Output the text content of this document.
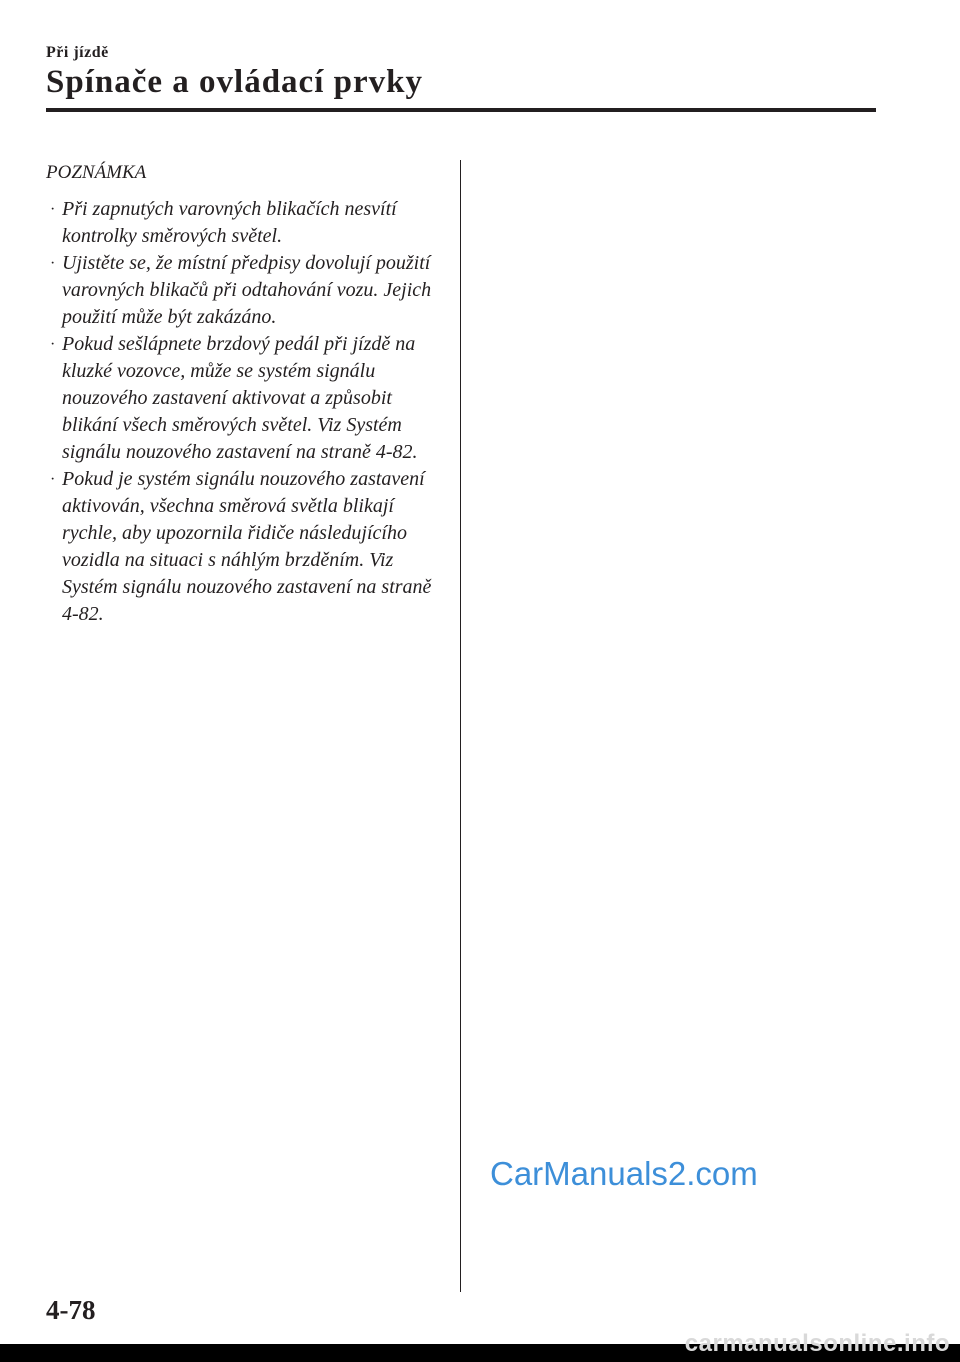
Při jízdě
Spínače a ovládací prvky
POZNÁMKA
· Při zapnutých varovných blikačích nesvítí kontrolky směrových světel.
· Ujistěte se, že místní předpisy dovolují použití varovných blikačů při odtahování vozu. Jejich použití může být zakázáno.
· Pokud sešlápnete brzdový pedál při jízdě na kluzké vozovce, může se systém signálu nouzového zastavení aktivovat a způsobit blikání všech směrových světel. Viz Systém signálu nouzového zastavení na straně 4-82.
· Pokud je systém signálu nouzového zastavení aktivován, všechna směrová světla blikají rychle, aby upozornila řidiče následujícího vozidla na situaci s náhlým brzděním. Viz Systém signálu nouzového zastavení na straně 4-82.
CarManuals2.com
4-78
carmanualsonline.info
